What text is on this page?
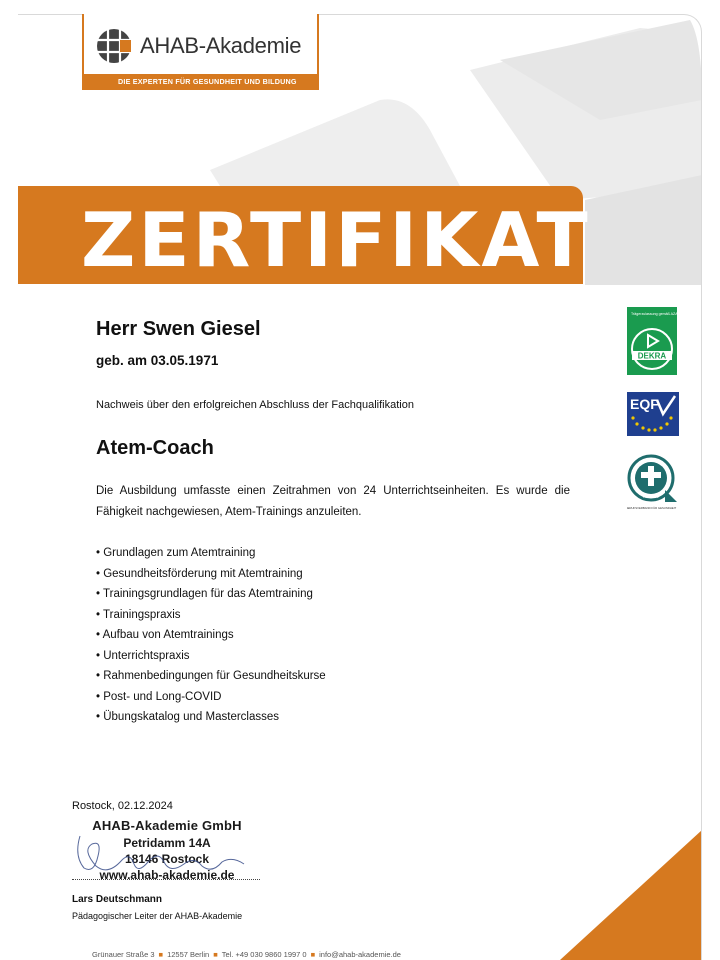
AHAB-Akademie
DIE EXPERTEN FÜR GESUNDHEIT UND BILDUNG
ZERTIFIKAT
Herr Swen Giesel
geb. am 03.05.1971
Nachweis über den erfolgreichen Abschluss der Fachqualifikation
Atem-Coach

Die Ausbildung umfasste einen Zeitrahmen von 24 Unterrichtseinheiten. Es wurde die Fähigkeit nachgewiesen, Atem-Trainings anzuleiten.

• Grundlagen zum Atemtraining
• Gesundheitsförderung mit Atemtraining
• Trainingsgrundlagen für das Atemtraining
• Trainingspraxis
• Aufbau von Atemtrainings
• Unterrichtspraxis
• Rahmenbedingungen für Gesundheitskurse
• Post- und Long-COVID
• Übungskatalog und Masterclasses
Trägerzulassung gemäß AZAV
DEKRA
EQF
AS 1000
BERUFSVERBAND FÜR GESUNDHEIT
Rostock, 02.12.2024
AHAB-Akademie GmbH
Petridamm 14A
18146 Rostock
www.ahab-akademie.de
Lars Deutschmann
Pädagogischer Leiter der AHAB-Akademie
Grünauer Straße 3 ■ 12557 Berlin ■ Tel. +49 030 9860 1997 0 ■ info@ahab-akademie.de
